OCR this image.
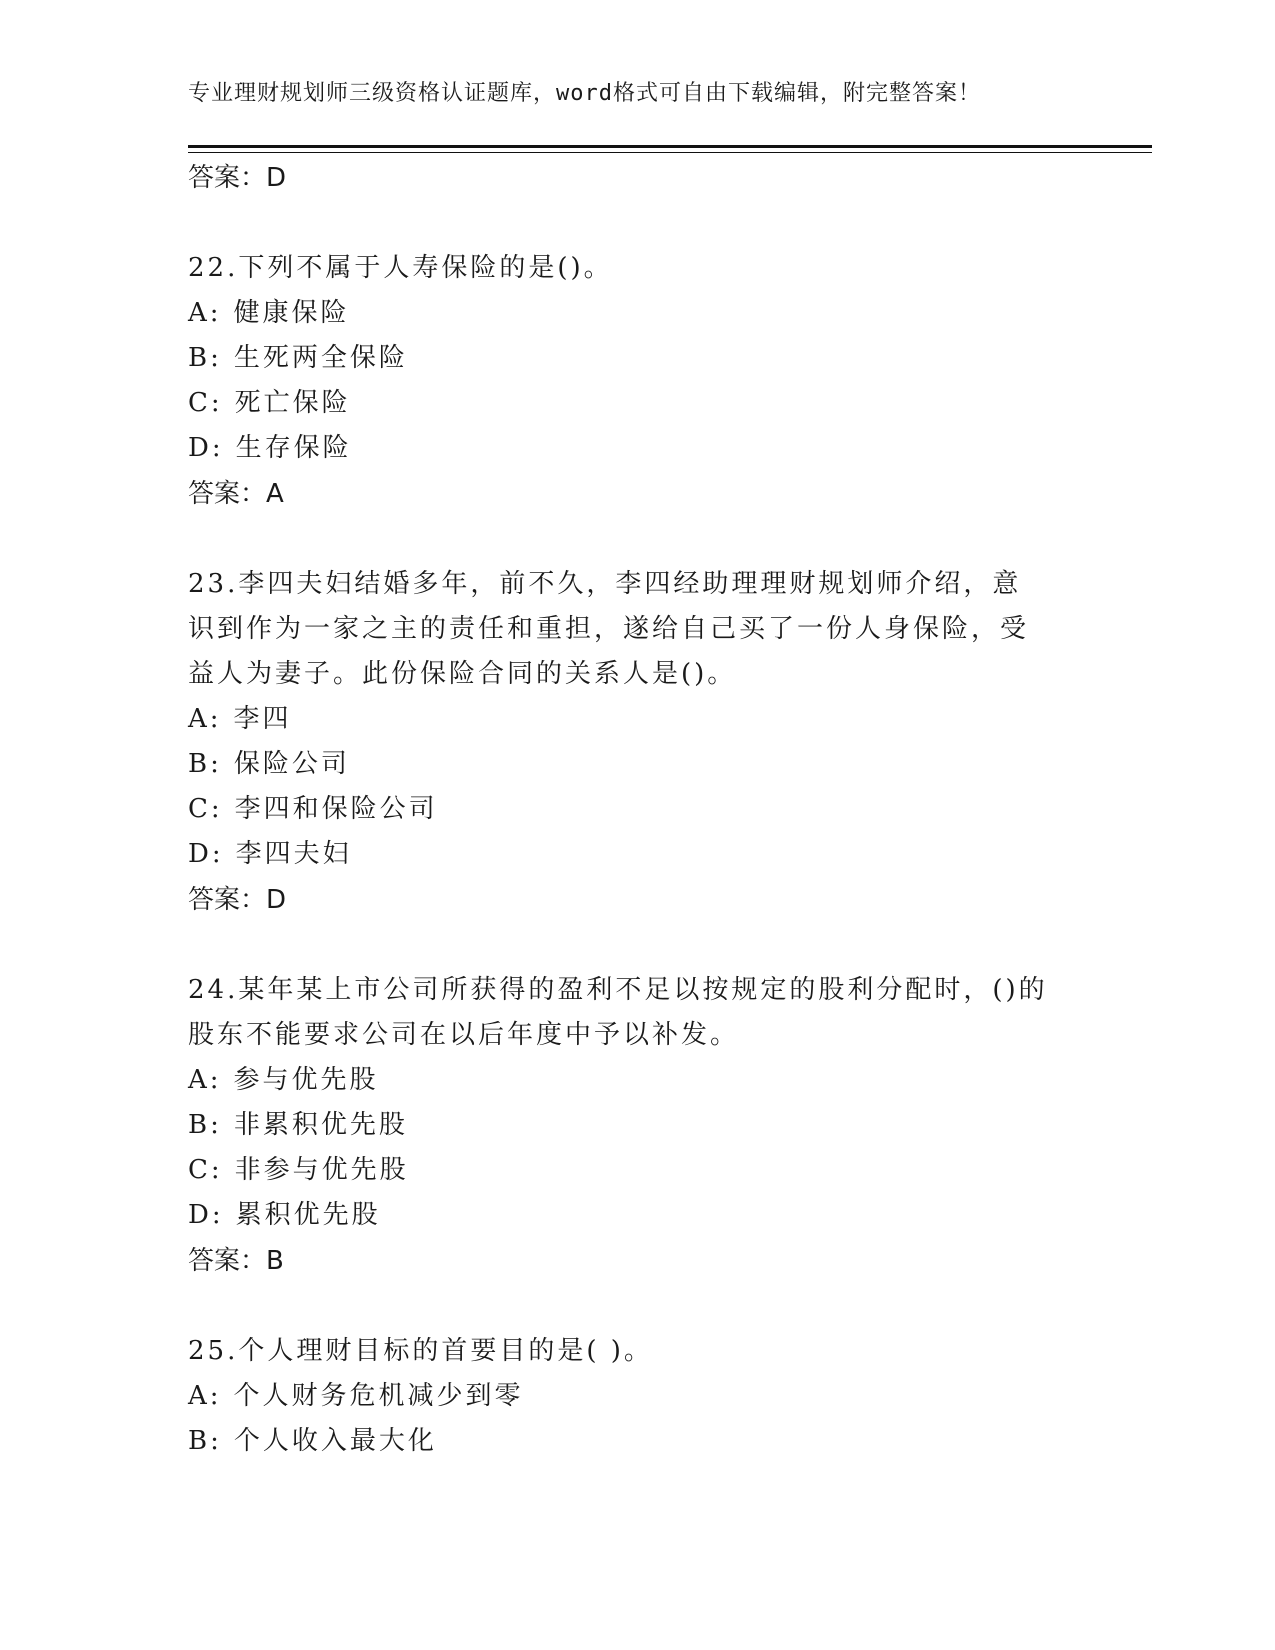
专业理财规划师三级资格认证题库，word格式可自由下载编辑，附完整答案！
答案：D
22.下列不属于人寿保险的是()。
A: 健康保险
B: 生死两全保险
C: 死亡保险
D: 生存保险
答案：A
23.李四夫妇结婚多年，前不久，李四经助理理财规划师介绍，意识到作为一家之主的责任和重担，遂给自己买了一份人身保险，受益人为妻子。此份保险合同的关系人是()。
A: 李四
B: 保险公司
C: 李四和保险公司
D: 李四夫妇
答案：D
24.某年某上市公司所获得的盈利不足以按规定的股利分配时，()的股东不能要求公司在以后年度中予以补发。
A: 参与优先股
B: 非累积优先股
C: 非参与优先股
D: 累积优先股
答案：B
25.个人理财目标的首要目的是( )。
A: 个人财务危机减少到零
B: 个人收入最大化
